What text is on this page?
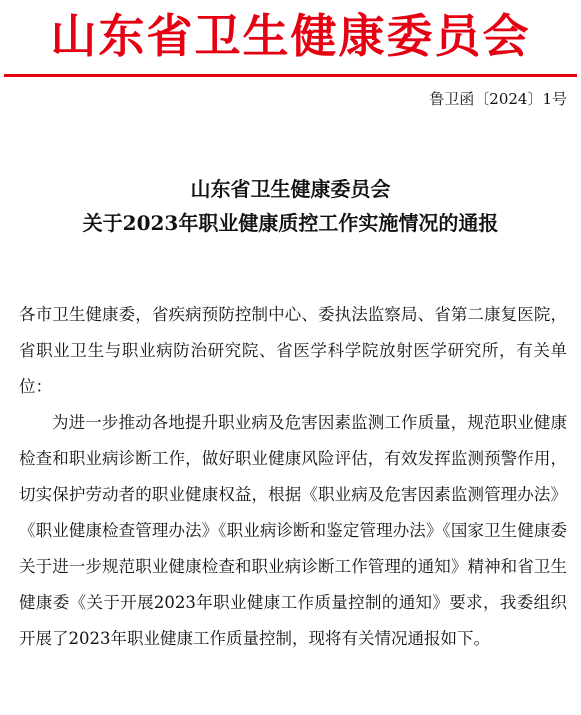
山东省卫生健康委员会
鲁卫函〔2024〕1号
山东省卫生健康委员会
关于2023年职业健康质控工作实施情况的通报

各市卫生健康委，省疾病预防控制中心、委执法监察局、省第二康复医院，省职业卫生与职业病防治研究院、省医学科学院放射医学研究所，有关单位：

为进一步推动各地提升职业病及危害因素监测工作质量，规范职业健康检查和职业病诊断工作，做好职业健康风险评估，有效发挥监测预警作用，切实保护劳动者的职业健康权益，根据《职业病及危害因素监测管理办法》《职业健康检查管理办法》《职业病诊断和鉴定管理办法》《国家卫生健康委关于进一步规范职业健康检查和职业病诊断工作管理的通知》精神和省卫生健康委《关于开展2023年职业健康工作质量控制的通知》要求，我委组织开展了2023年职业健康工作质量控制，现将有关情况通报如下。
